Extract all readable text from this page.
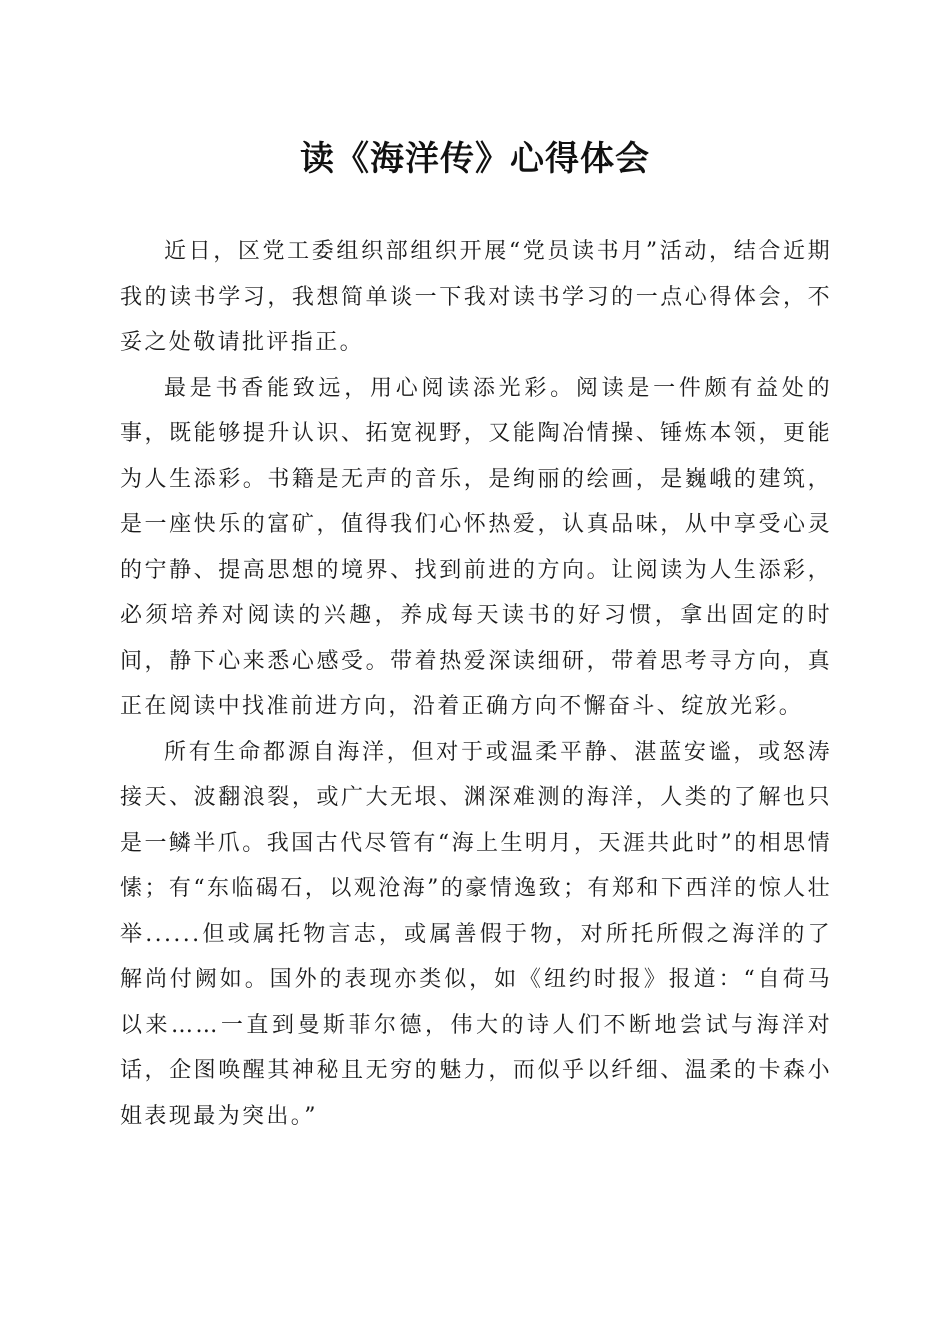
读《海洋传》心得体会

近日，区党工委组织部组织开展“党员读书月”活动，结合近期我的读书学习，我想简单谈一下我对读书学习的一点心得体会，不妥之处敬请批评指正。

最是书香能致远，用心阅读添光彩。阅读是一件颇有益处的事，既能够提升认识、拓宽视野，又能陶冶情操、锤炼本领，更能为人生添彩。书籍是无声的音乐，是绚丽的绘画，是巍峨的建筑，是一座快乐的富矿，值得我们心怀热爱，认真品味，从中享受心灵的宁静、提高思想的境界、找到前进的方向。让阅读为人生添彩，必须培养对阅读的兴趣，养成每天读书的好习惯，拿出固定的时间，静下心来悉心感受。带着热爱深读细研，带着思考寻方向，真正在阅读中找准前进方向，沿着正确方向不懈奋斗、绽放光彩。

所有生命都源自海洋，但对于或温柔平静、湛蓝安谧，或怒涛接天、波翻浪裂，或广大无垠、渊深难测的海洋，人类的了解也只是一鳞半爪。我国古代尽管有“海上生明月，天涯共此时”的相思情愫；有“东临碣石，以观沧海”的豪情逸致；有郑和下西洋的惊人壮举......但或属托物言志，或属善假于物，对所托所假之海洋的了解尚付阙如。国外的表现亦类似，如《纽约时报》报道：“自荷马以来……一直到曼斯菲尔德，伟大的诗人们不断地尝试与海洋对话，企图唤醒其神秘且无穷的魅力，而似乎以纤细、温柔的卡森小姐表现最为突出。”
